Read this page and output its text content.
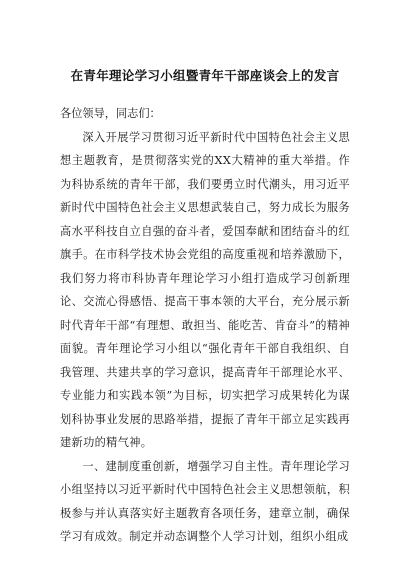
在青年理论学习小组暨青年干部座谈会上的发言

各位领导，同志们：

深入开展学习贯彻习近平新时代中国特色社会主义思想主题教育，是贯彻落实党的XX大精神的重大举措。作为科协系统的青年干部，我们要勇立时代潮头，用习近平新时代中国特色社会主义思想武装自己，努力成长为服务高水平科技自立自强的奋斗者，爱国奉献和团结奋斗的红旗手。在市科学技术协会党组的高度重视和培养激励下，我们努力将市科协青年理论学习小组打造成学习创新理论、交流心得感悟、提高干事本领的大平台，充分展示新时代青年干部“有理想、敢担当、能吃苦、肯奋斗”的精神面貌。青年理论学习小组以“强化青年干部自我组织、自我管理、共建共享的学习意识，提高青年干部理论水平、专业能力和实践本领”为目标，切实把学习成果转化为谋划科协事业发展的思路举措，提振了青年干部立足实践再建新功的精气神。

一、建制度重创新，增强学习自主性。青年理论学习小组坚持以习近平新时代中国特色社会主义思想领航，积极参与并认真落实好主题教育各项任务，建章立制，确保学习有成效。制定并动态调整个人学习计划，组织小组成
